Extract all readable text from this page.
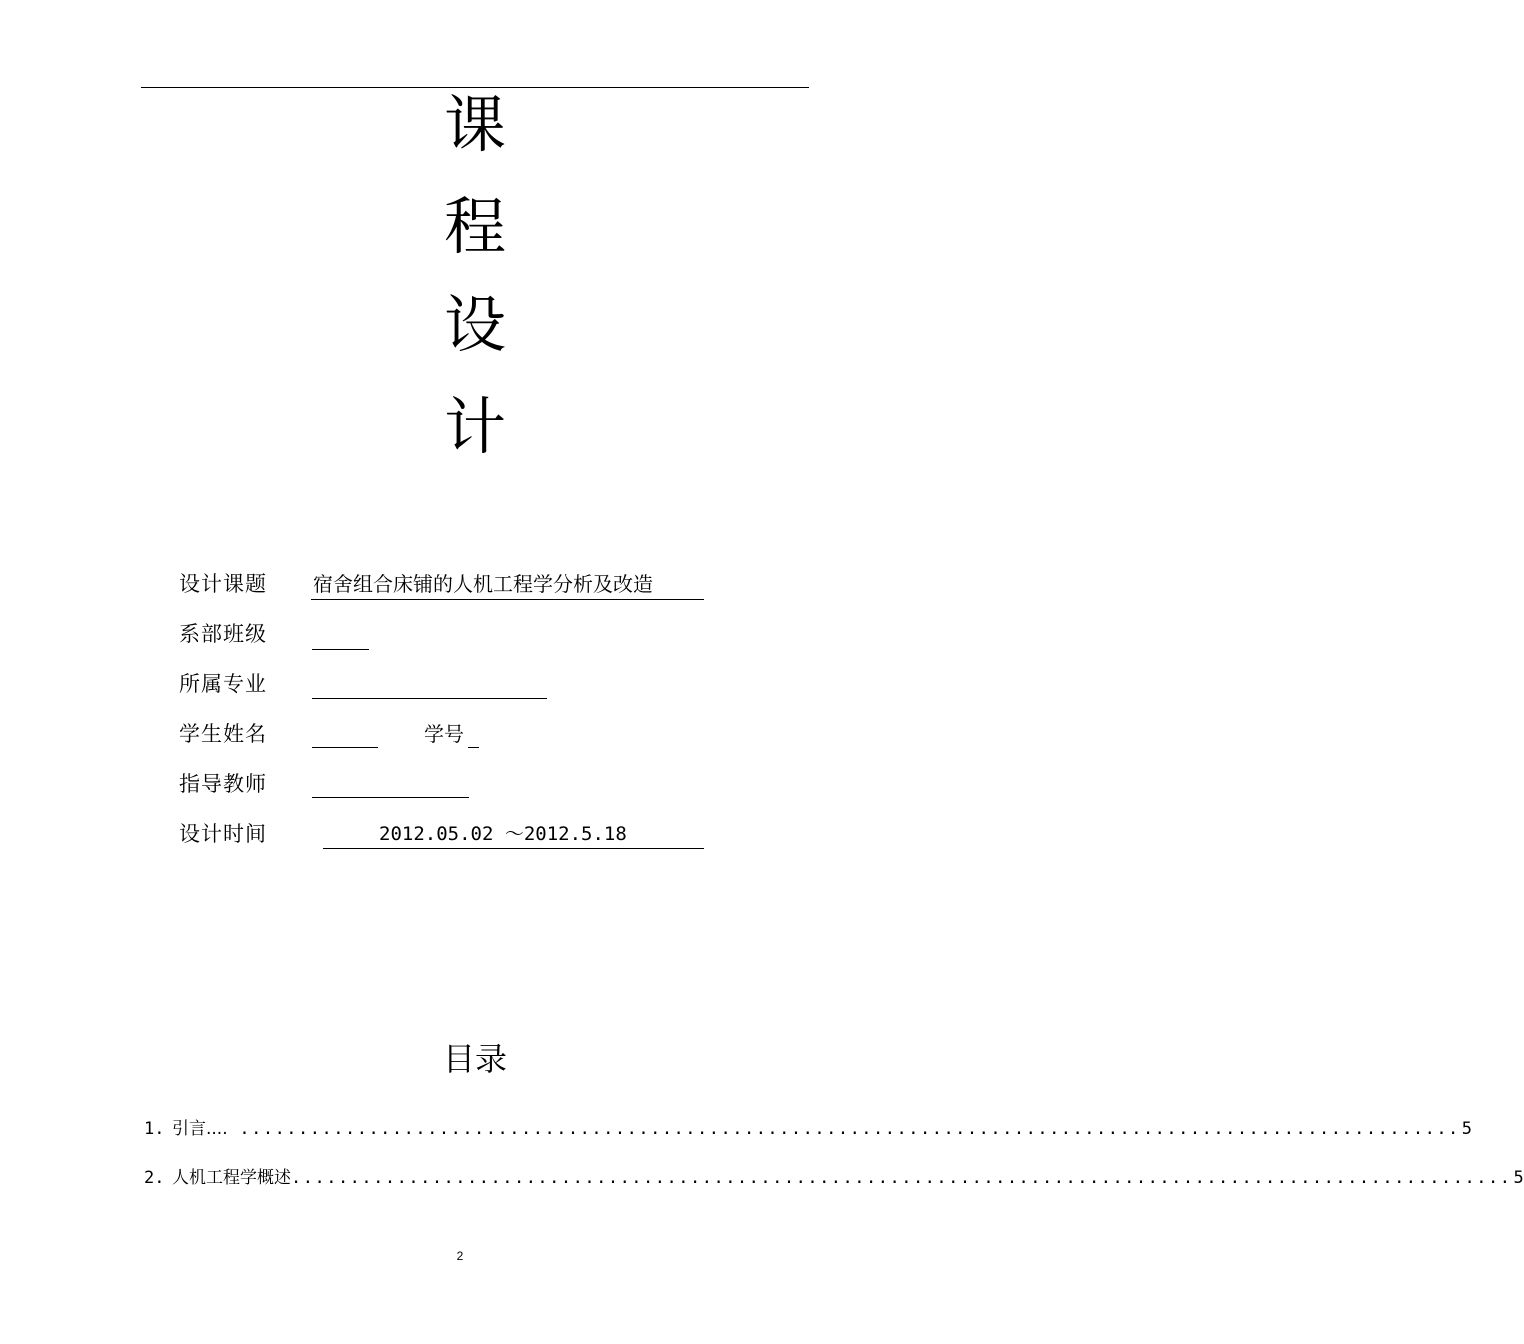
课
程
设
计
设计课题 宿舍组合床铺的人机工程学分析及改造
系部班级
所属专业
学生姓名	学号
指导教师
设计时间	2012.05.02 ～2012.5.18
目录
1. 引言.... ........................................................................................................ 5
2. 人机工程学概述 ........................................................................................................ 5
2
